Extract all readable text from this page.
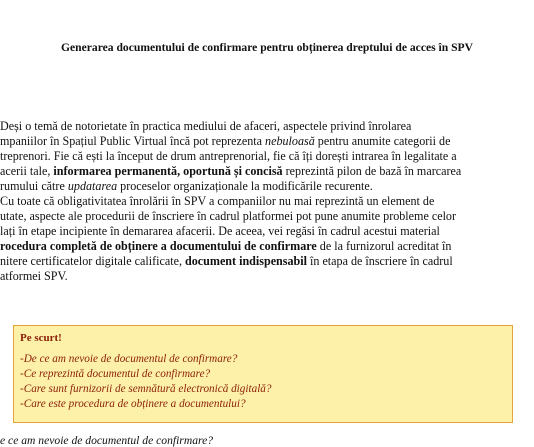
Generarea documentului de confirmare pentru obținerea dreptului de acces în SPV
Deși o temă de notorietate în practica mediului de afaceri, aspectele privind înrolarea
mpaniilor în Spațiul Public Virtual încă pot reprezenta nebuloasă pentru anumite categorii de
treprenori. Fie că ești la început de drum antreprenorial, fie că îți dorești intrarea în legalitate a
acerii tale, informarea permanentă, oportună și concisă reprezintă pilon de bază în marcarea
rumului către updatarea proceselor organizaționale la modificările recurente.
Cu toate că obligativitatea înrolării în SPV a companiilor nu mai reprezintă un element de
utate, aspecte ale procedurii de înscriere în cadrul platformei pot pune anumite probleme celor
lați în etape incipiente în demararea afacerii. De aceea, vei regăsi în cadrul acestui material
rocedura completă de obținere a documentului de confirmare de la furnizorul acreditat în
nitere certificatelor digitale calificate, document indispensabil în etapa de înscriere în cadrul
atformei SPV.
Pe scurt!
-De ce am nevoie de documentul de confirmare?
-Ce reprezintă documentul de confirmare?
-Care sunt furnizorii de semnătură electronică digitală?
-Care este procedura de obținere a documentului?
e ce am nevoie de documentul de confirmare?
